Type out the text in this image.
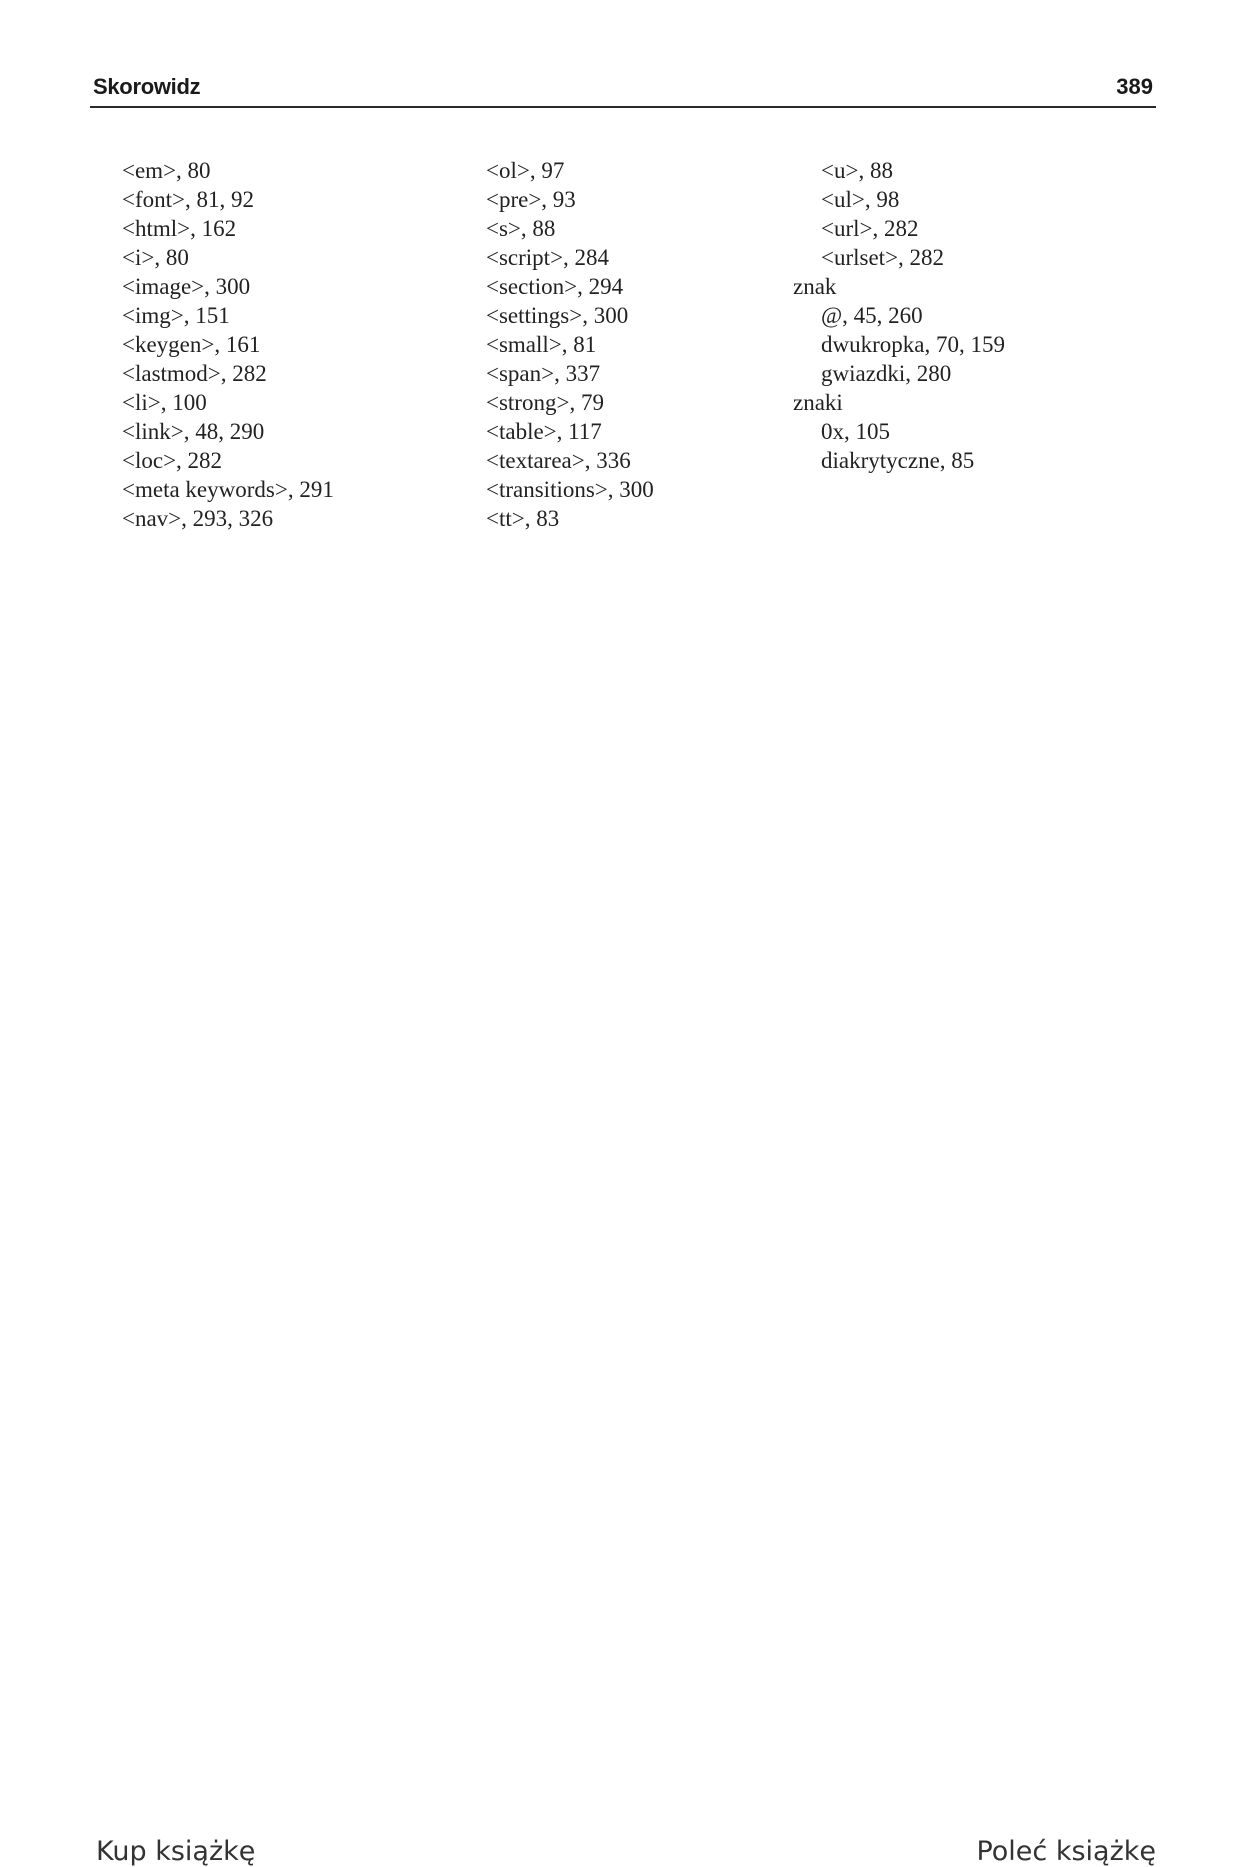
Skorowidz	389
<em>, 80
<font>, 81, 92
<html>, 162
<i>, 80
<image>, 300
<img>, 151
<keygen>, 161
<lastmod>, 282
<li>, 100
<link>, 48, 290
<loc>, 282
<meta keywords>, 291
<nav>, 293, 326
<ol>, 97
<pre>, 93
<s>, 88
<script>, 284
<section>, 294
<settings>, 300
<small>, 81
<span>, 337
<strong>, 79
<table>, 117
<textarea>, 336
<transitions>, 300
<tt>, 83
<u>, 88
<ul>, 98
<url>, 282
<urlset>, 282
znak
@, 45, 260
dwukropka, 70, 159
gwiazdki, 280
znaki
0x, 105
diakrytyczne, 85
Kup książkę	Poleć książkę
